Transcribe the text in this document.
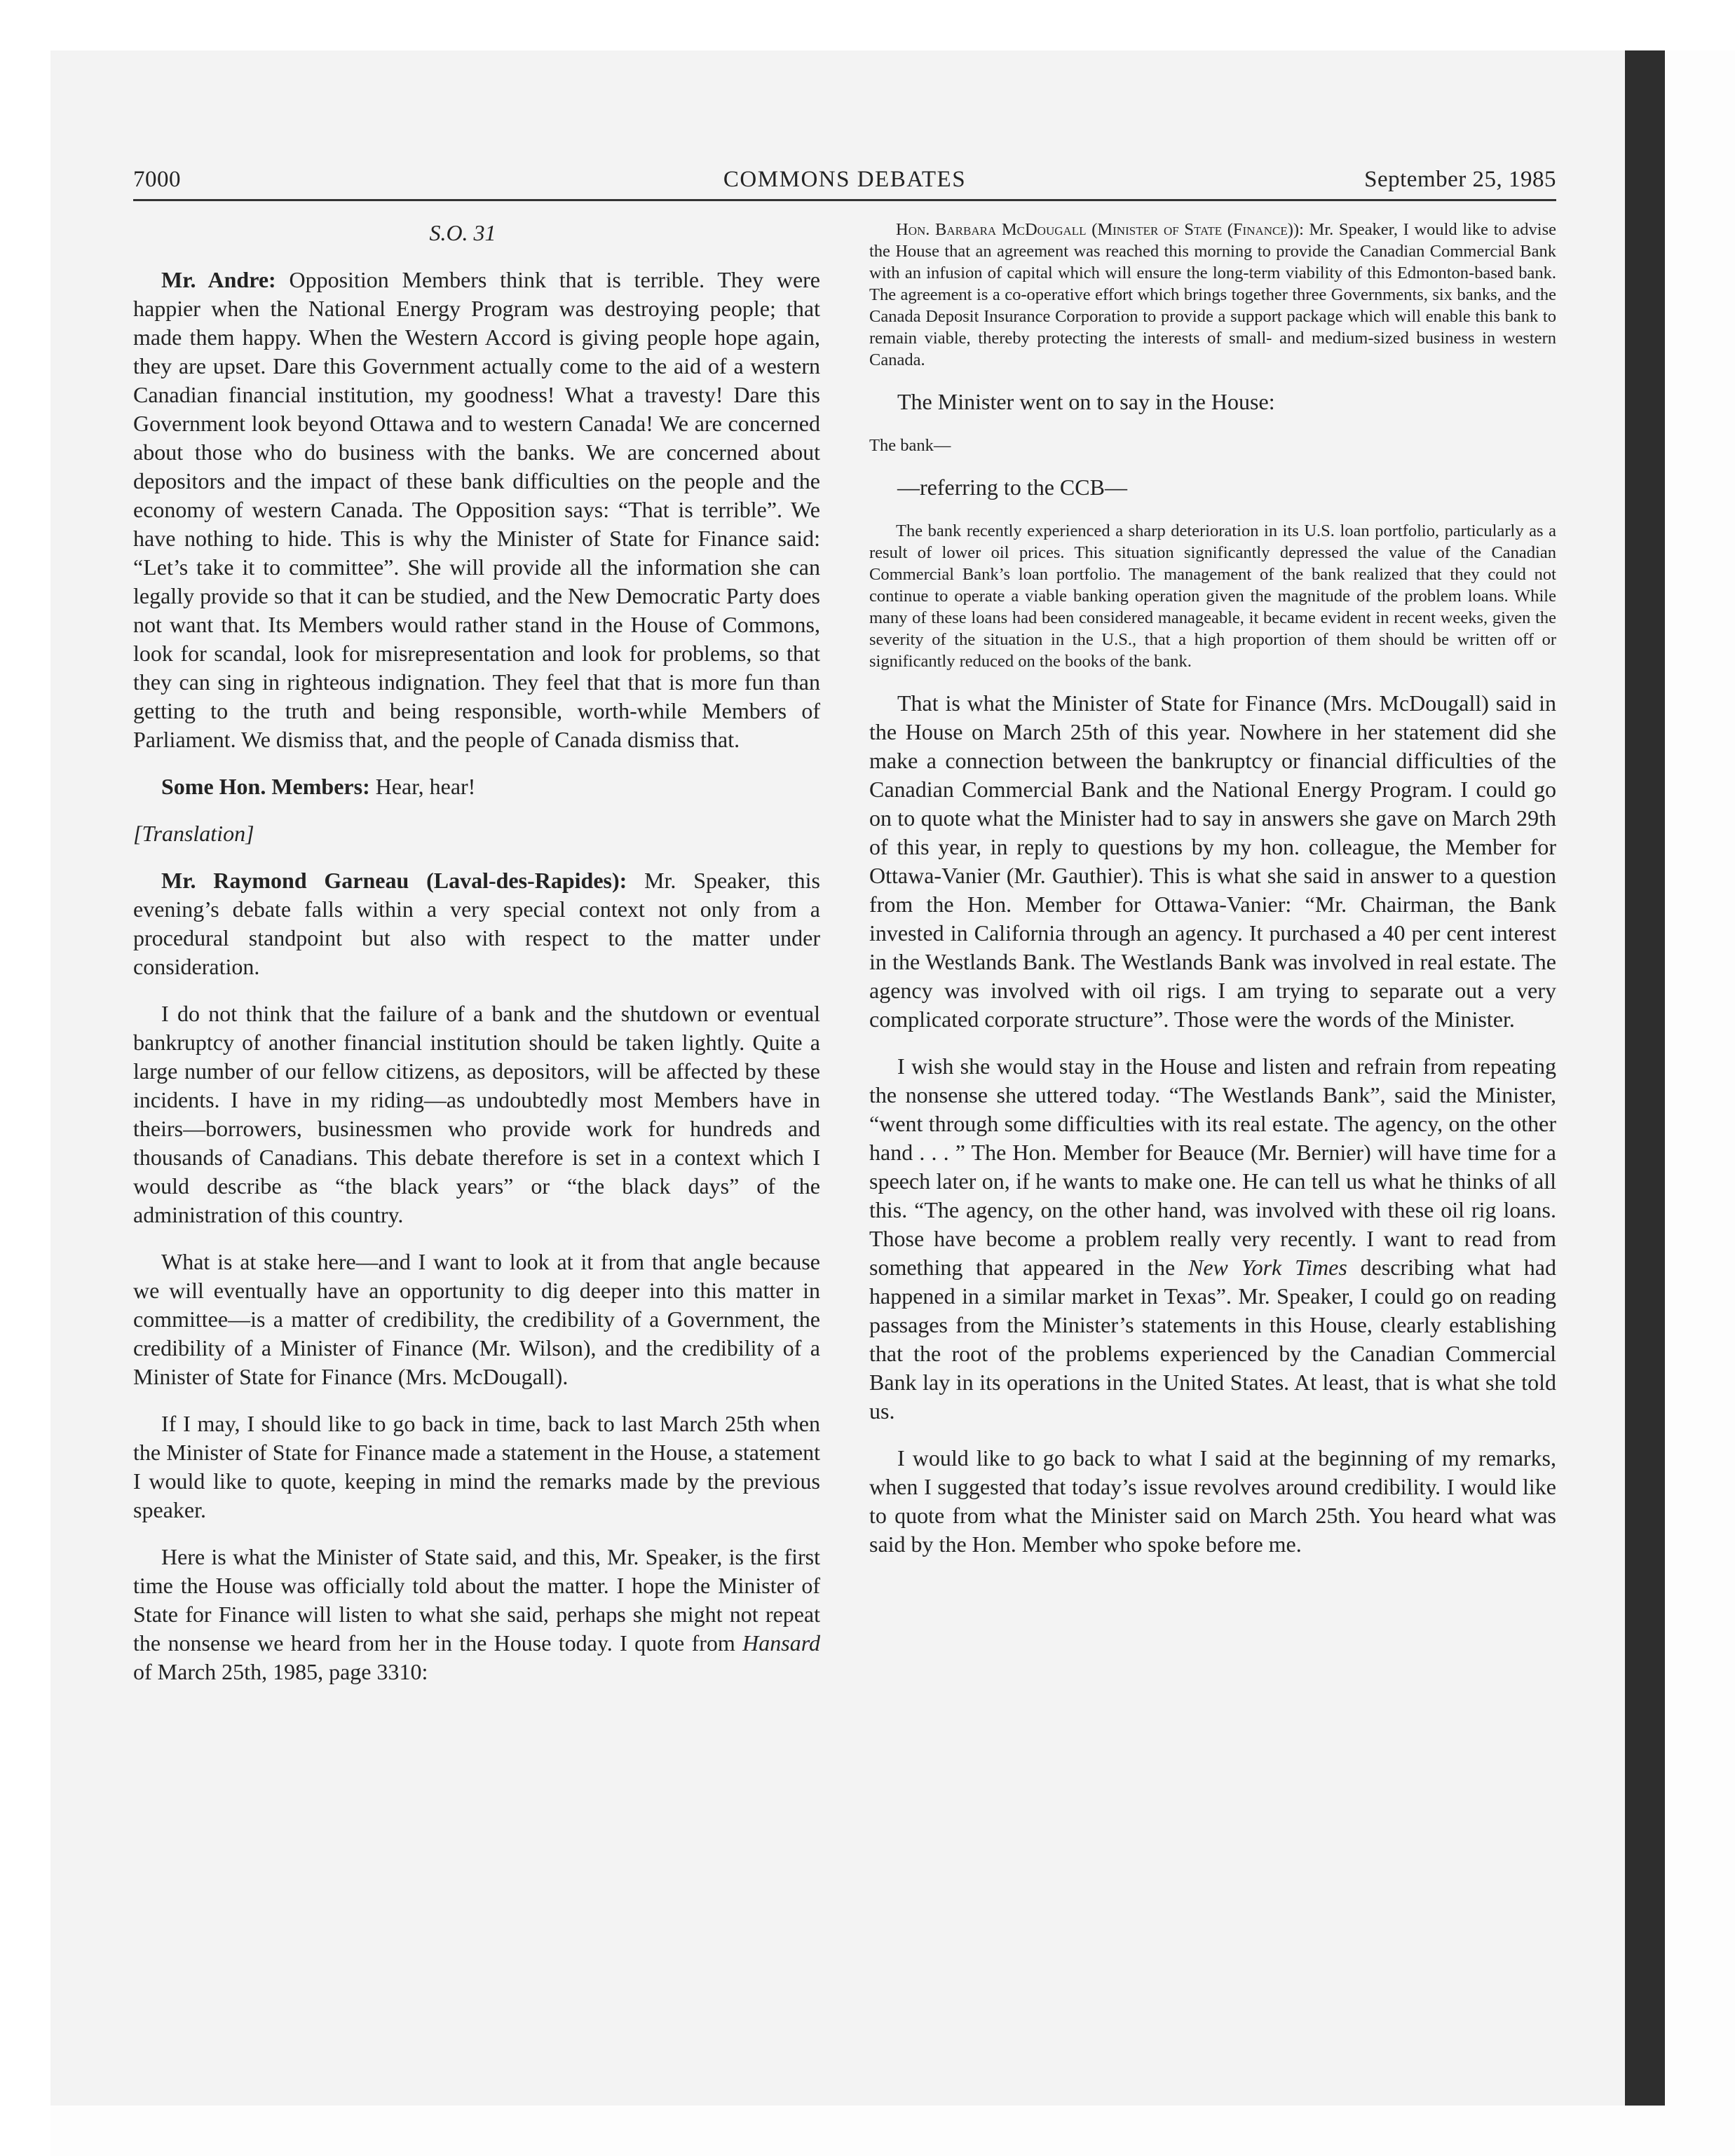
7000	COMMONS DEBATES	September 25, 1985
S.O. 31

Mr. Andre: Opposition Members think that is terrible. They were happier when the National Energy Program was destroying people; that made them happy. When the Western Accord is giving people hope again, they are upset. Dare this Government actually come to the aid of a western Canadian financial institution, my goodness! What a travesty! Dare this Government look beyond Ottawa and to western Canada! We are concerned about those who do business with the banks. We are concerned about depositors and the impact of these bank difficulties on the people and the economy of western Canada. The Opposition says: “That is terrible”. We have nothing to hide. This is why the Minister of State for Finance said: “Let’s take it to committee”. She will provide all the information she can legally provide so that it can be studied, and the New Democratic Party does not want that. Its Members would rather stand in the House of Commons, look for scandal, look for misrepresentation and look for problems, so that they can sing in righteous indignation. They feel that that is more fun than getting to the truth and being responsible, worth-while Members of Parliament. We dismiss that, and the people of Canada dismiss that.

Some Hon. Members: Hear, hear!

[Translation]

Mr. Raymond Garneau (Laval-des-Rapides): Mr. Speaker, this evening’s debate falls within a very special context not only from a procedural standpoint but also with respect to the matter under consideration.

I do not think that the failure of a bank and the shutdown or eventual bankruptcy of another financial institution should be taken lightly. Quite a large number of our fellow citizens, as depositors, will be affected by these incidents. I have in my riding—as undoubtedly most Members have in theirs—borrowers, businessmen who provide work for hundreds and thousands of Canadians. This debate therefore is set in a context which I would describe as “the black years” or “the black days” of the administration of this country.

What is at stake here—and I want to look at it from that angle because we will eventually have an opportunity to dig deeper into this matter in committee—is a matter of credibility, the credibility of a Government, the credibility of a Minister of Finance (Mr. Wilson), and the credibility of a Minister of State for Finance (Mrs. McDougall).

If I may, I should like to go back in time, back to last March 25th when the Minister of State for Finance made a statement in the House, a statement I would like to quote, keeping in mind the remarks made by the previous speaker.

Here is what the Minister of State said, and this, Mr. Speaker, is the first time the House was officially told about the matter. I hope the Minister of State for Finance will listen to what she said, perhaps she might not repeat the nonsense we heard from her in the House today. I quote from Hansard of March 25th, 1985, page 3310:

Hon. Barbara McDougall (Minister of State (Finance)): Mr. Speaker, I would like to advise the House that an agreement was reached this morning to provide the Canadian Commercial Bank with an infusion of capital which will ensure the long-term viability of this Edmonton-based bank. The agreement is a co-operative effort which brings together three Governments, six banks, and the Canada Deposit Insurance Corporation to provide a support package which will enable this bank to remain viable, thereby protecting the interests of small- and medium-sized business in western Canada.

The Minister went on to say in the House:

The bank—

—referring to the CCB—

The bank recently experienced a sharp deterioration in its U.S. loan portfolio, particularly as a result of lower oil prices. This situation significantly depressed the value of the Canadian Commercial Bank’s loan portfolio. The management of the bank realized that they could not continue to operate a viable banking operation given the magnitude of the problem loans. While many of these loans had been considered manageable, it became evident in recent weeks, given the severity of the situation in the U.S., that a high proportion of them should be written off or significantly reduced on the books of the bank.

That is what the Minister of State for Finance (Mrs. McDougall) said in the House on March 25th of this year. Nowhere in her statement did she make a connection between the bankruptcy or financial difficulties of the Canadian Commercial Bank and the National Energy Program. I could go on to quote what the Minister had to say in answers she gave on March 29th of this year, in reply to questions by my hon. colleague, the Member for Ottawa-Vanier (Mr. Gauthier). This is what she said in answer to a question from the Hon. Member for Ottawa-Vanier: “Mr. Chairman, the Bank invested in California through an agency. It purchased a 40 per cent interest in the Westlands Bank. The Westlands Bank was involved in real estate. The agency was involved with oil rigs. I am trying to separate out a very complicated corporate structure”. Those were the words of the Minister.

I wish she would stay in the House and listen and refrain from repeating the nonsense she uttered today. “The Westlands Bank”, said the Minister, “went through some difficulties with its real estate. The agency, on the other hand . . . ” The Hon. Member for Beauce (Mr. Bernier) will have time for a speech later on, if he wants to make one. He can tell us what he thinks of all this. “The agency, on the other hand, was involved with these oil rig loans. Those have become a problem really very recently. I want to read from something that appeared in the New York Times describing what had happened in a similar market in Texas”. Mr. Speaker, I could go on reading passages from the Minister’s statements in this House, clearly establishing that the root of the problems experienced by the Canadian Commercial Bank lay in its operations in the United States. At least, that is what she told us.

I would like to go back to what I said at the beginning of my remarks, when I suggested that today’s issue revolves around credibility. I would like to quote from what the Minister said on March 25th. You heard what was said by the Hon. Member who spoke before me.
